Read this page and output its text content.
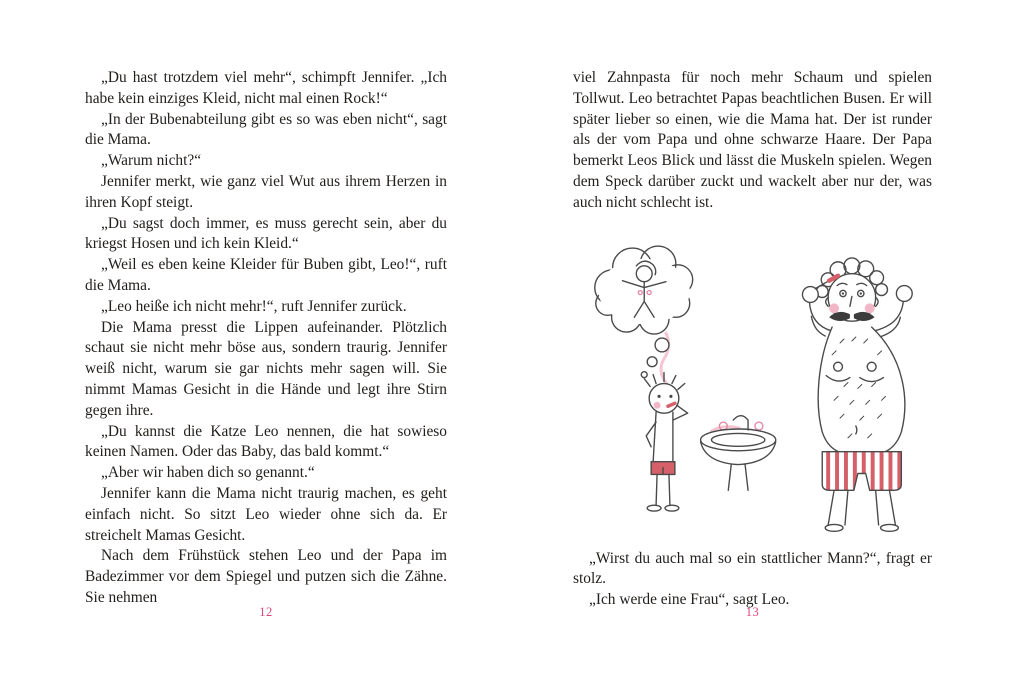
„Du hast trotzdem viel mehr“, schimpft Jennifer. „Ich habe kein einziges Kleid, nicht mal einen Rock!“

„In der Bubenabteilung gibt es so was eben nicht“, sagt die Mama.

„Warum nicht?“

Jennifer merkt, wie ganz viel Wut aus ihrem Herzen in ihren Kopf steigt.

„Du sagst doch immer, es muss gerecht sein, aber du kriegst Hosen und ich kein Kleid.“

„Weil es eben keine Kleider für Buben gibt, Leo!“, ruft die Mama.

„Leo heiße ich nicht mehr!“, ruft Jennifer zurück.

Die Mama presst die Lippen aufeinander. Plötzlich schaut sie nicht mehr böse aus, sondern traurig. Jennifer weiß nicht, warum sie gar nichts mehr sagen will. Sie nimmt Mamas Gesicht in die Hände und legt ihre Stirn gegen ihre.

„Du kannst die Katze Leo nennen, die hat sowieso keinen Namen. Oder das Baby, das bald kommt.“

„Aber wir haben dich so genannt.“

Jennifer kann die Mama nicht traurig machen, es geht einfach nicht. So sitzt Leo wieder ohne sich da. Er streichelt Mamas Gesicht.

Nach dem Frühstück stehen Leo und der Papa im Badezimmer vor dem Spiegel und putzen sich die Zähne. Sie nehmen

12

viel Zahnpasta für noch mehr Schaum und spielen Tollwut. Leo betrachtet Papas beachtlichen Busen. Er will später lieber so einen, wie die Mama hat. Der ist runder als der vom Papa und ohne schwarze Haare. Der Papa bemerkt Leos Blick und lässt die Muskeln spielen. Wegen dem Speck darüber zuckt und wackelt aber nur der, was auch nicht schlecht ist.

„Wirst du auch mal so ein stattlicher Mann?“, fragt er stolz.

„Ich werde eine Frau“, sagt Leo.

13
